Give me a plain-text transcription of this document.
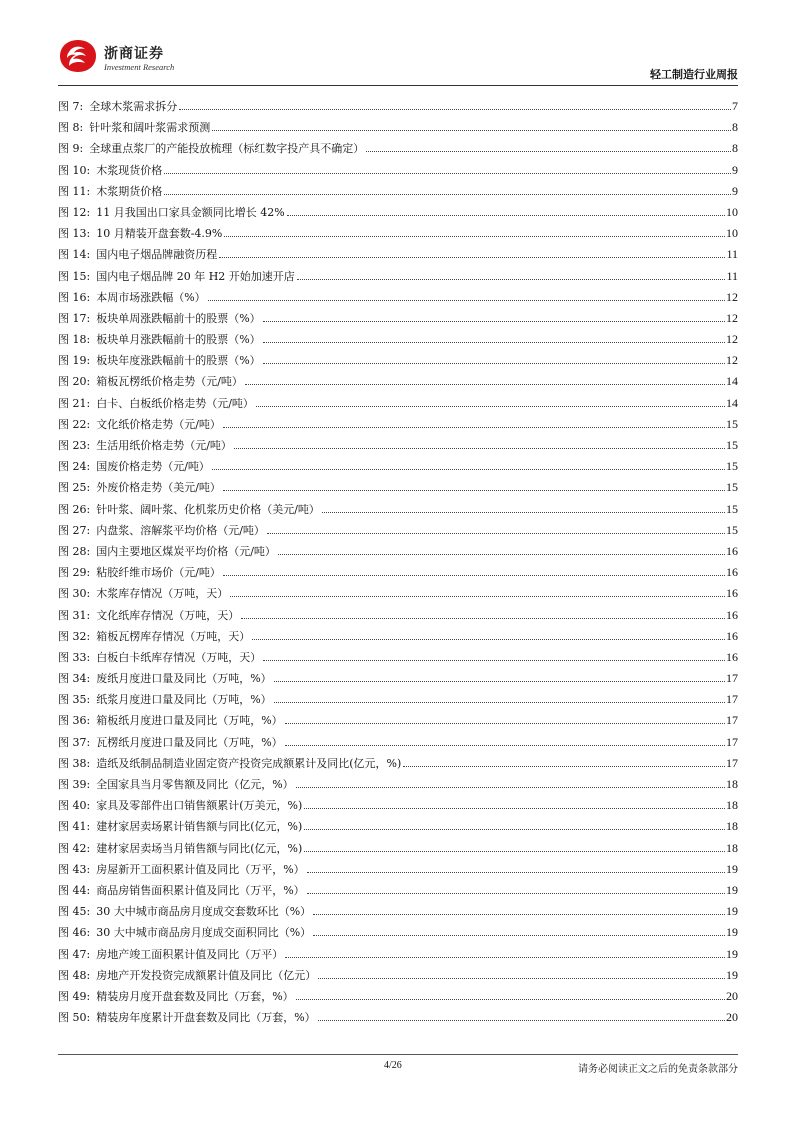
浙商证券
Investment Research
轻工制造行业周报
图 7: 全球木浆需求拆分	7
图 8: 针叶浆和阔叶浆需求预测	8
图 9: 全球重点浆厂的产能投放梳理（标红数字投产具不确定）	8
图 10: 木浆现货价格	9
图 11: 木浆期货价格	9
图 12: 11 月我国出口家具金额同比增长 42%	10
图 13: 10 月精装开盘套数-4.9%	10
图 14: 国内电子烟品牌融资历程	11
图 15: 国内电子烟品牌 20 年 H2 开始加速开店	11
图 16: 本周市场涨跌幅（%）	12
图 17: 板块单周涨跌幅前十的股票（%）	12
图 18: 板块单月涨跌幅前十的股票（%）	12
图 19: 板块年度涨跌幅前十的股票（%）	12
图 20: 箱板瓦楞纸价格走势（元/吨）	14
图 21: 白卡、白板纸价格走势（元/吨）	14
图 22: 文化纸价格走势（元/吨）	15
图 23: 生活用纸价格走势（元/吨）	15
图 24: 国废价格走势（元/吨）	15
图 25: 外废价格走势（美元/吨）	15
图 26: 针叶浆、阔叶浆、化机浆历史价格（美元/吨）	15
图 27: 内盘浆、溶解浆平均价格（元/吨）	15
图 28: 国内主要地区煤炭平均价格（元/吨）	16
图 29: 粘胶纤维市场价（元/吨）	16
图 30: 木浆库存情况（万吨，天）	16
图 31: 文化纸库存情况（万吨，天）	16
图 32: 箱板瓦楞库存情况（万吨，天）	16
图 33: 白板白卡纸库存情况（万吨，天）	16
图 34: 废纸月度进口量及同比（万吨，%）	17
图 35: 纸浆月度进口量及同比（万吨，%）	17
图 36: 箱板纸月度进口量及同比（万吨，%）	17
图 37: 瓦楞纸月度进口量及同比（万吨，%）	17
图 38: 造纸及纸制品制造业固定资产投资完成额累计及同比(亿元，%)	17
图 39: 全国家具当月零售额及同比（亿元，%）	18
图 40: 家具及零部件出口销售额累计(万美元，%)	18
图 41: 建材家居卖场累计销售额与同比(亿元，%)	18
图 42: 建材家居卖场当月销售额与同比(亿元，%)	18
图 43: 房屋新开工面积累计值及同比（万平，%）	19
图 44: 商品房销售面积累计值及同比（万平，%）	19
图 45: 30 大中城市商品房月度成交套数环比（%）	19
图 46: 30 大中城市商品房月度成交面积同比（%）	19
图 47: 房地产竣工面积累计值及同比（万平）	19
图 48: 房地产开发投资完成额累计值及同比（亿元）	19
图 49: 精装房月度开盘套数及同比（万套，%）	20
图 50: 精装房年度累计开盘套数及同比（万套，%）	20
4/26	请务必阅读正文之后的免责条款部分
